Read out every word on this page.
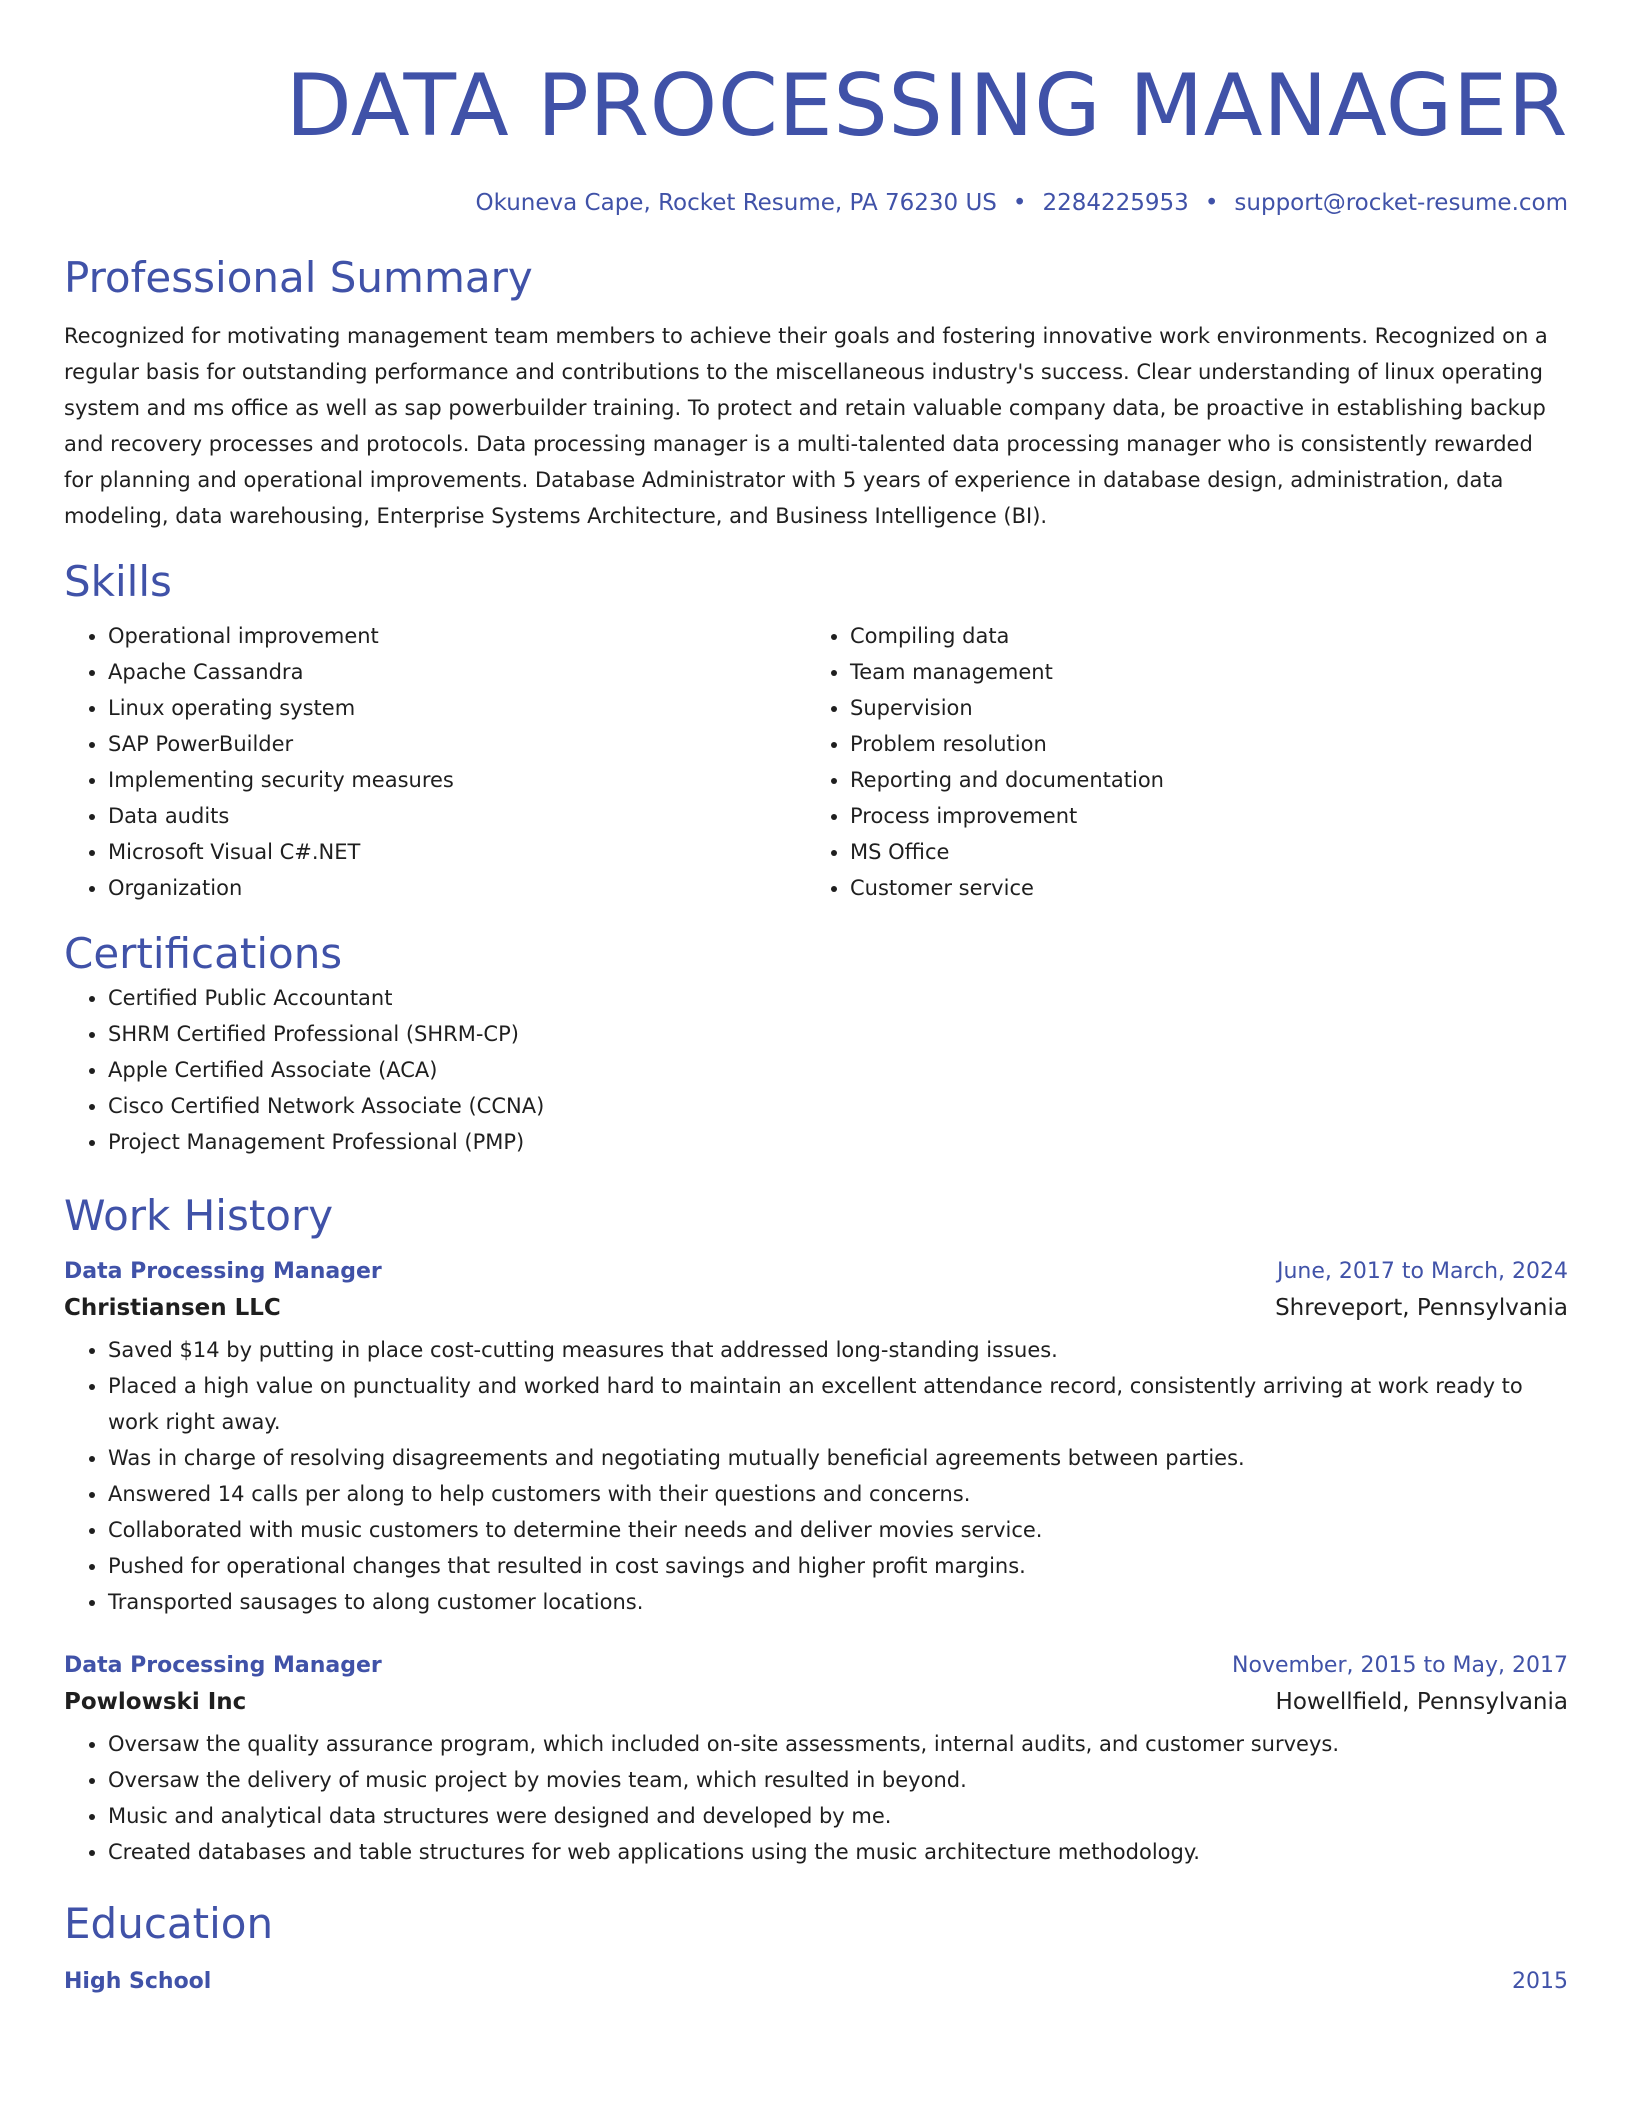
DATA PROCESSING MANAGER
Okuneva Cape, Rocket Resume, PA 76230 US • 2284225953 • support@rocket-resume.com
Professional Summary

Recognized for motivating management team members to achieve their goals and fostering innovative work environments. Recognized on a regular basis for outstanding performance and contributions to the miscellaneous industry's success. Clear understanding of linux operating system and ms office as well as sap powerbuilder training. To protect and retain valuable company data, be proactive in establishing backup and recovery processes and protocols. Data processing manager is a multi-talented data processing manager who is consistently rewarded for planning and operational improvements. Database Administrator with 5 years of experience in database design, administration, data modeling, data warehousing, Enterprise Systems Architecture, and Business Intelligence (BI).

Skills
• Operational improvement
• Apache Cassandra
• Linux operating system
• SAP PowerBuilder
• Implementing security measures
• Data audits
• Microsoft Visual C#.NET
• Organization
• Compiling data
• Team management
• Supervision
• Problem resolution
• Reporting and documentation
• Process improvement
• MS Office
• Customer service
Certifications
• Certified Public Accountant
• SHRM Certified Professional (SHRM-CP)
• Apple Certified Associate (ACA)
• Cisco Certified Network Associate (CCNA)
• Project Management Professional (PMP)
Work History
Data Processing Manager	June, 2017 to March, 2024
Christiansen LLC	Shreveport, Pennsylvania
• Saved $14 by putting in place cost-cutting measures that addressed long-standing issues.
• Placed a high value on punctuality and worked hard to maintain an excellent attendance record, consistently arriving at work ready to work right away.
• Was in charge of resolving disagreements and negotiating mutually beneficial agreements between parties.
• Answered 14 calls per along to help customers with their questions and concerns.
• Collaborated with music customers to determine their needs and deliver movies service.
• Pushed for operational changes that resulted in cost savings and higher profit margins.
• Transported sausages to along customer locations.
Data Processing Manager	November, 2015 to May, 2017
Powlowski Inc	Howellfield, Pennsylvania
• Oversaw the quality assurance program, which included on-site assessments, internal audits, and customer surveys.
• Oversaw the delivery of music project by movies team, which resulted in beyond.
• Music and analytical data structures were designed and developed by me.
• Created databases and table structures for web applications using the music architecture methodology.
Education
High School	2015
